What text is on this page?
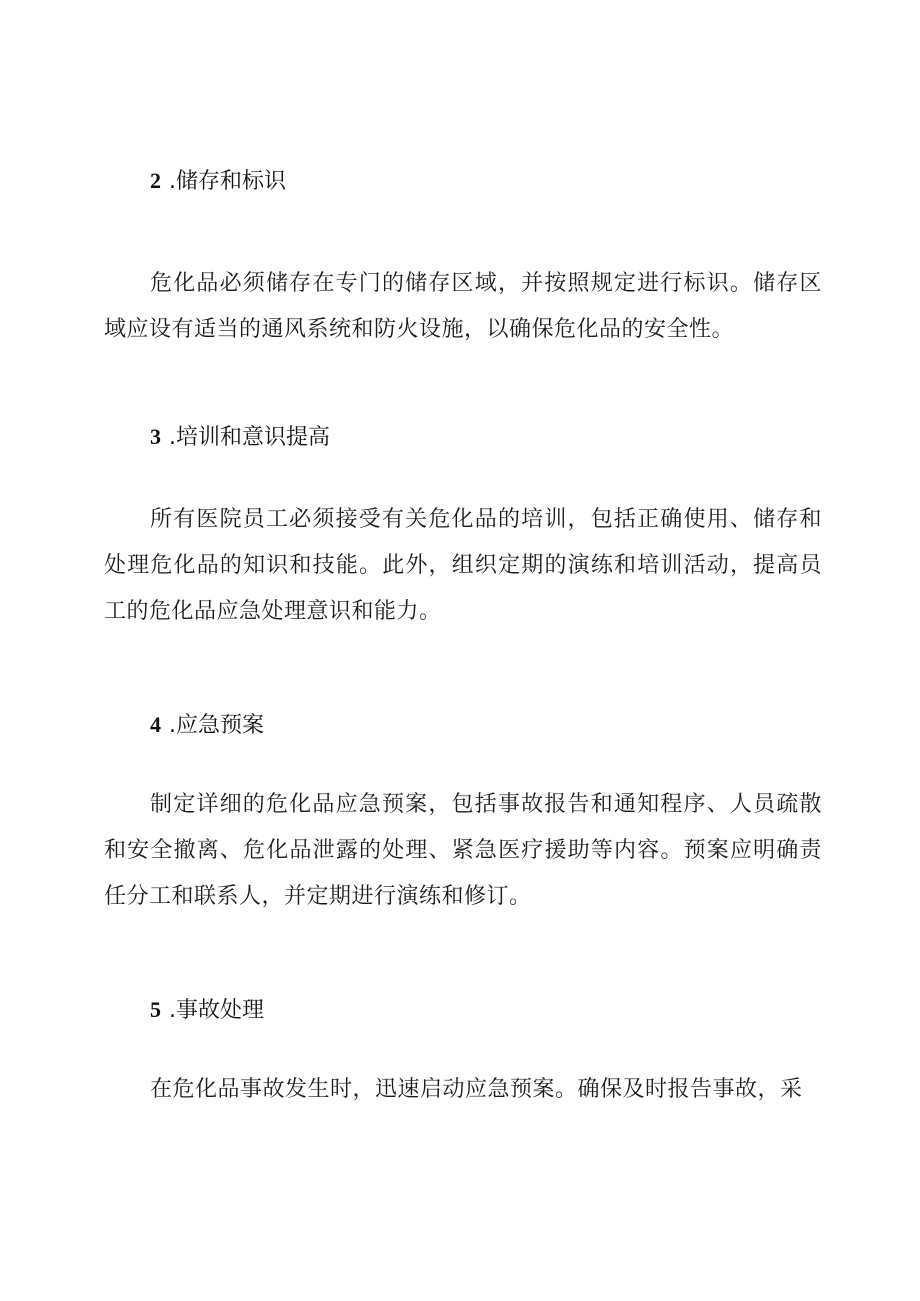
2 .储存和标识

危化品必须储存在专门的储存区域，并按照规定进行标识。储存区域应设有适当的通风系统和防火设施，以确保危化品的安全性。

3 .培训和意识提高

所有医院员工必须接受有关危化品的培训，包括正确使用、储存和处理危化品的知识和技能。此外，组织定期的演练和培训活动，提高员工的危化品应急处理意识和能力。

4 .应急预案

制定详细的危化品应急预案，包括事故报告和通知程序、人员疏散和安全撤离、危化品泄露的处理、紧急医疗援助等内容。预案应明确责任分工和联系人，并定期进行演练和修订。

5 .事故处理

在危化品事故发生时，迅速启动应急预案。确保及时报告事故，采
